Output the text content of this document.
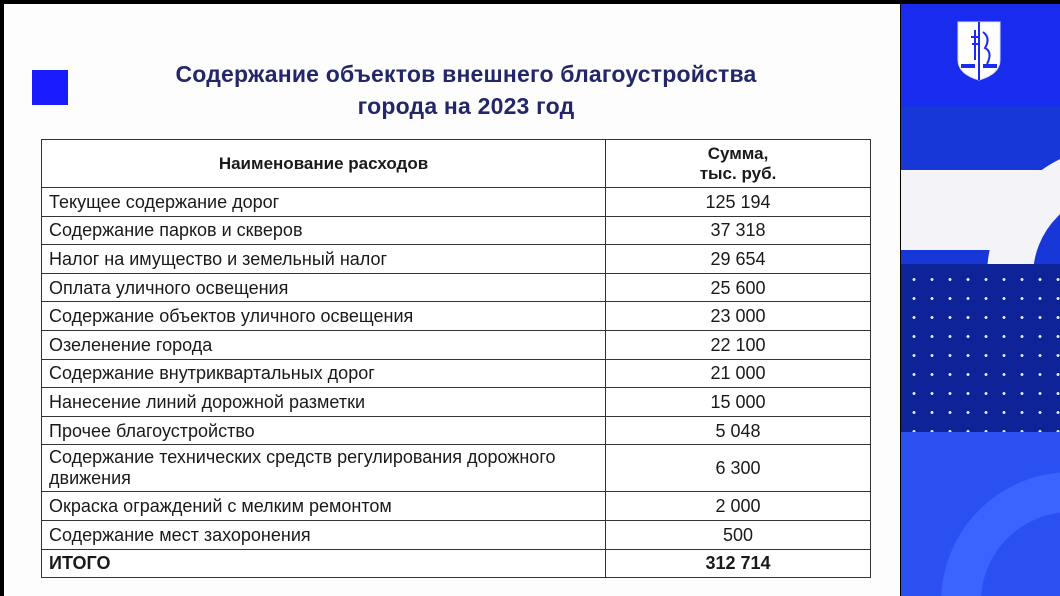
Содержание объектов внешнего благоустройства
города на 2023 год
Наименование расходов	Сумма,
тыс. руб.

Текущее содержание дорог	125 194
Содержание парков и скверов	37 318
Налог на имущество и земельный налог	29 654
Оплата уличного освещения	25 600
Содержание объектов уличного освещения	23 000
Озеленение города	22 100
Содержание внутриквартальных дорог	21 000
Нанесение линий дорожной разметки	15 000
Прочее благоустройство	5 048
Содержание технических средств регулирования дорожного движения	6 300
Окраска ограждений с мелким ремонтом	2 000
Содержание мест захоронения	500
ИТОГО	312 714
